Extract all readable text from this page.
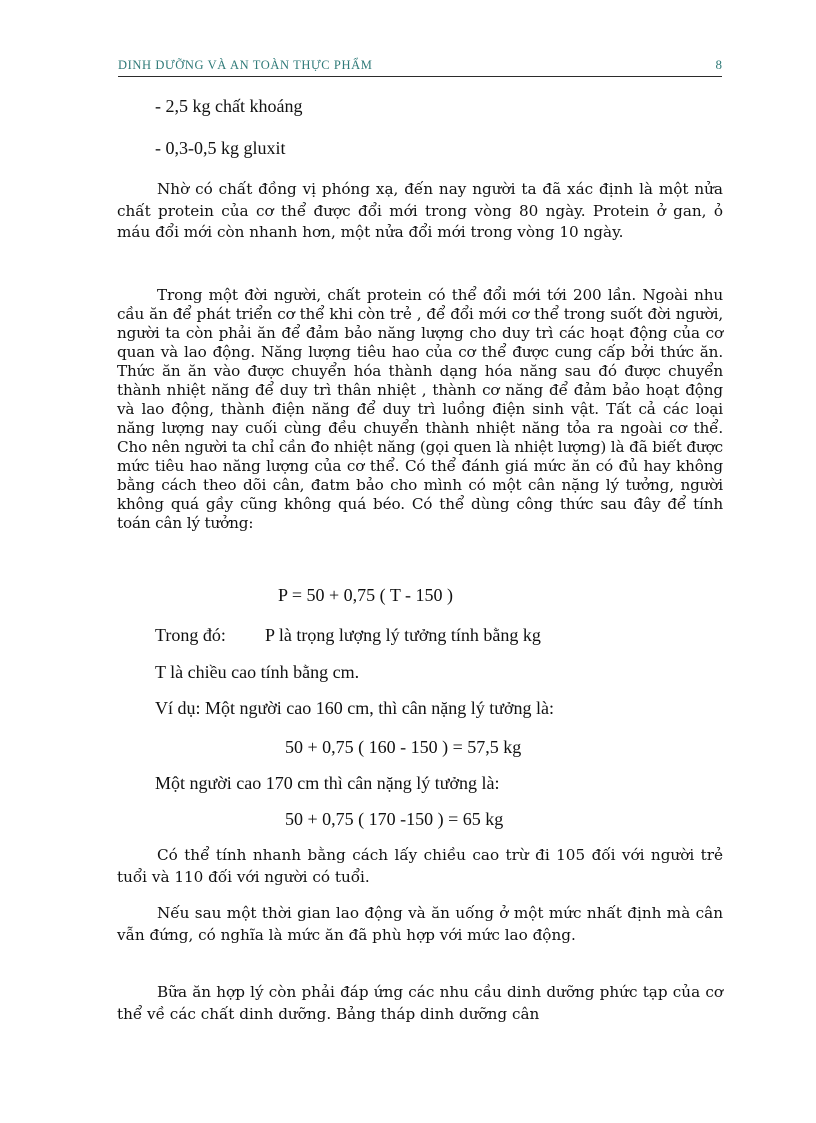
DINH DƯỠNG VÀ AN TOÀN THỰC PHẨM	8

- 2,5 kg chất khoáng

- 0,3-0,5 kg gluxit

Nhờ có chất đồng vị phóng xạ, đến nay người ta đã xác định là một nửa chất protein của cơ thể được đổi mới trong vòng 80 ngày. Protein ở gan, ỏ máu đổi mới còn nhanh hơn, một nửa đổi mới trong vòng 10 ngày.

Trong một đời người, chất protein có thể đổi mới tới 200 lần. Ngoài nhu cầu ăn để phát triển cơ thể khi còn trẻ , để đổi mới cơ thể trong suốt đời người, người ta còn phải ăn để đảm bảo năng lượng cho duy trì các hoạt động của cơ quan và lao động. Năng lượng tiêu hao của cơ thể được cung cấp bởi thức ăn. Thức ăn ăn vào được chuyển hóa thành dạng hóa năng sau đó được chuyển thành nhiệt năng để duy trì thân nhiệt , thành cơ năng để đảm bảo hoạt động và lao động, thành điện năng để duy trì luồng điện sinh vật. Tất cả các loại năng lượng nay cuối cùng đều chuyển thành nhiệt năng tỏa ra ngoài cơ thể. Cho nên người ta chỉ cần đo nhiệt năng (gọi quen là nhiệt lượng) là đã biết được mức tiêu hao năng lượng của cơ thể. Có thể đánh giá mức ăn có đủ hay không bằng cách theo dõi cân, đatm bảo cho mình có một cân nặng lý tưởng, người không quá gầy cũng không quá béo. Có thể dùng công thức sau đây để tính toán cân lý tưởng:

P = 50 + 0,75 ( T - 150 )

Trong đó: P là trọng lượng lý tưởng tính bằng kg

T là chiều cao tính bằng cm.

Ví dụ: Một người cao 160 cm, thì cân nặng lý tưởng là:

50 + 0,75 ( 160 - 150 ) = 57,5 kg

Một người cao 170 cm thì cân nặng lý tưởng là:

50 + 0,75 ( 170 -150 ) = 65 kg

Có thể tính nhanh bằng cách lấy chiều cao trừ đi 105 đối với người trẻ tuổi và 110 đối với người có tuổi.

Nếu sau một thời gian lao động và ăn uống ở một mức nhất định mà cân vẫn đứng, có nghĩa là mức ăn đã phù hợp với mức lao động.

Bữa ăn hợp lý còn phải đáp ứng các nhu cầu dinh dưỡng phức tạp của cơ thể về các chất dinh dưỡng. Bảng tháp dinh dưỡng cân
